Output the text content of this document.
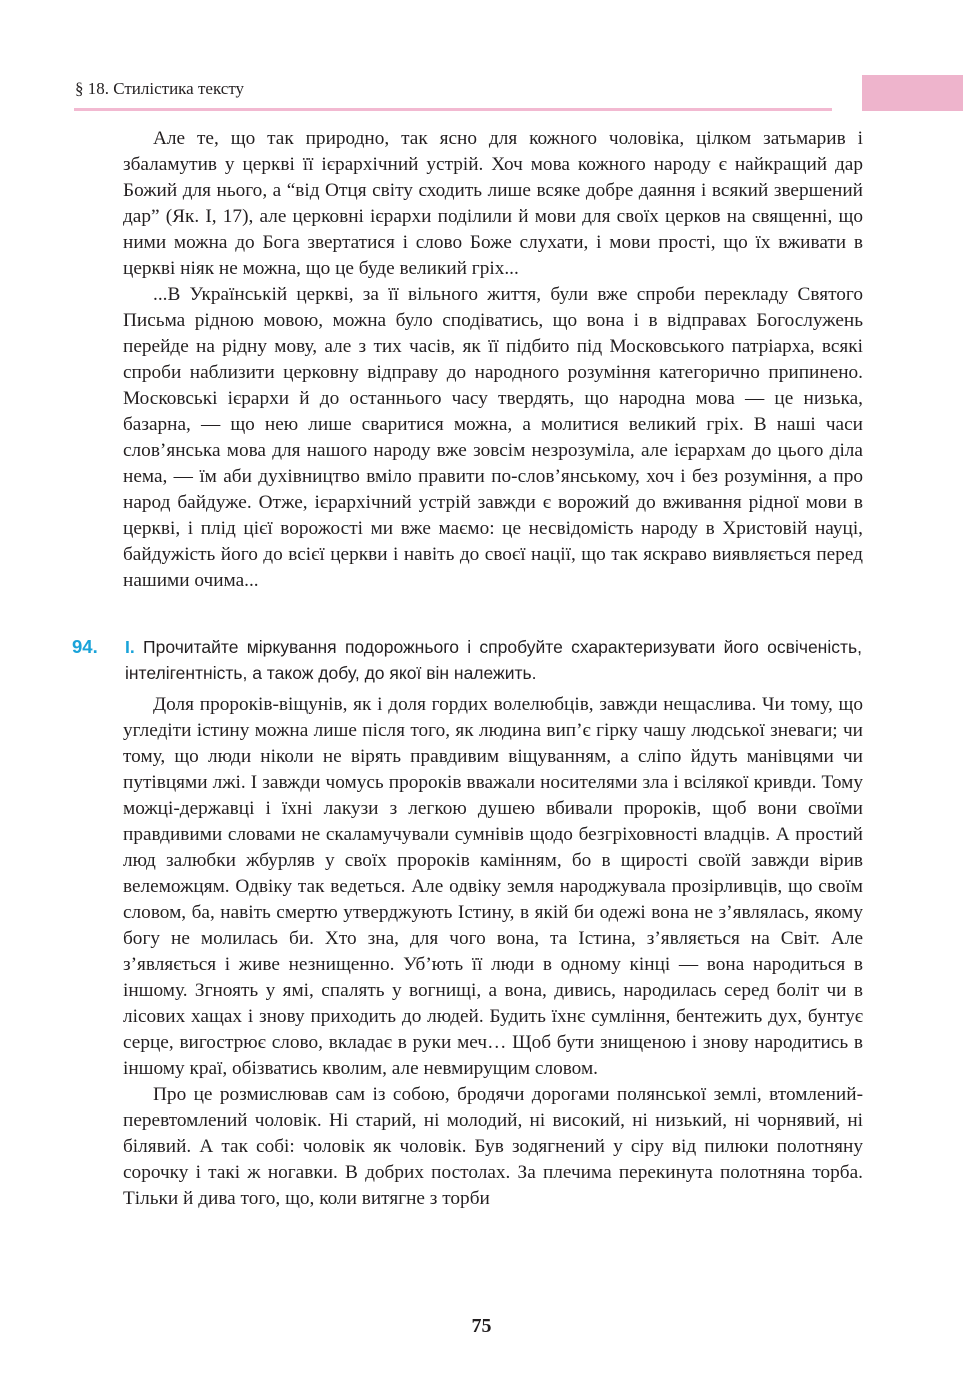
§ 18. Стилістика тексту

Але те, що так природно, так ясно для кожного чоловіка, цілком затьмарив і збаламутив у церкві її ієрархічний устрій. Хоч мова кожного народу є найкращий дар Божий для нього, а “від Отця світу сходить лише всяке добре даяння і всякий звершений дар” (Як. І, 17), але церковні ієрархи поділили й мови для своїх церков на священні, що ними можна до Бога звертатися і слово Боже слухати, і мови прості, що їх вживати в церкві ніяк не можна, що це буде великий гріх...

...В Українській церкві, за її вільного життя, були вже спроби перекладу Святого Письма рідною мовою, можна було сподіватись, що вона і в відправах Богослужень перейде на рідну мову, але з тих часів, як її підбито під Московського патріарха, всякі спроби наблизити церковну відправу до народного розуміння категорично припинено. Московські ієрархи й до останнього часу твердять, що народна мова — це низька, базарна, — що нею лише сваритися можна, а молитися великий гріх. В наші часи слов’янська мова для нашого народу вже зовсім незрозуміла, але ієрархам до цього діла нема, — їм аби духівництво вміло правити по-слов’янському, хоч і без розуміння, а про народ байдуже. Отже, ієрархічний устрій завжди є ворожий до вживання рідної мови в церкві, і плід цієї ворожості ми вже маємо: це несвідомість народу в Христовій науці, байдужість його до всієї церкви і навіть до своєї нації, що так яскраво виявляється перед нашими очима...

94. І. Прочитайте міркування подорожнього і спробуйте схарактеризувати його освіченість, інтелігентність, а також добу, до якої він належить.

Доля пророків-віщунів, як і доля гордих волелюбців, завжди нещаслива. Чи тому, що угледіти істину можна лише після того, як людина вип’є гірку чашу людської зневаги; чи тому, що люди ніколи не вірять правдивим віщуванням, а сліпо йдуть манівцями чи путівцями лжі. І завжди чомусь пророків вважали носителями зла і всілякої кривди. Тому можці-державці і їхні лакузи з легкою душею вбивали пророків, щоб вони своїми правдивими словами не скаламучували сумнівів щодо безгріховності владців. А простий люд залюбки жбурляв у своїх пророків камінням, бо в щирості своїй завжди вірив велеможцям. Одвіку так ведеться. Але одвіку земля народжувала прозірливців, що своїм словом, ба, навіть смертю утверджують Істину, в якій би одежі вона не з’являлась, якому богу не молилась би. Хто зна, для чого вона, та Істина, з’являється на Світ. Але з’являється і живе незнищенно. Уб’ють її люди в одному кінці — вона народиться в іншому. Згноять у ямі, спалять у вогнищі, а вона, дивись, народилась серед боліт чи в лісових хащах і знову приходить до людей. Будить їхнє сумління, бентежить дух, бунтує серце, вигострює слово, вкладає в руки меч… Щоб бути знищеною і знову народитись в іншому краї, обізватись кволим, але невмирущим словом.

Про це розмислював сам із собою, бродячи дорогами полянської землі, втомлений-перевтомлений чоловік. Ні старий, ні молодий, ні високий, ні низький, ні чорнявий, ні білявий. А так собі: чоловік як чоловік. Був зодягнений у сіру від пилюки полотняну сорочку і такі ж ногавки. В добрих постолах. За плечима перекинута полотняна торба. Тільки й дива того, що, коли витягне з торби

75
